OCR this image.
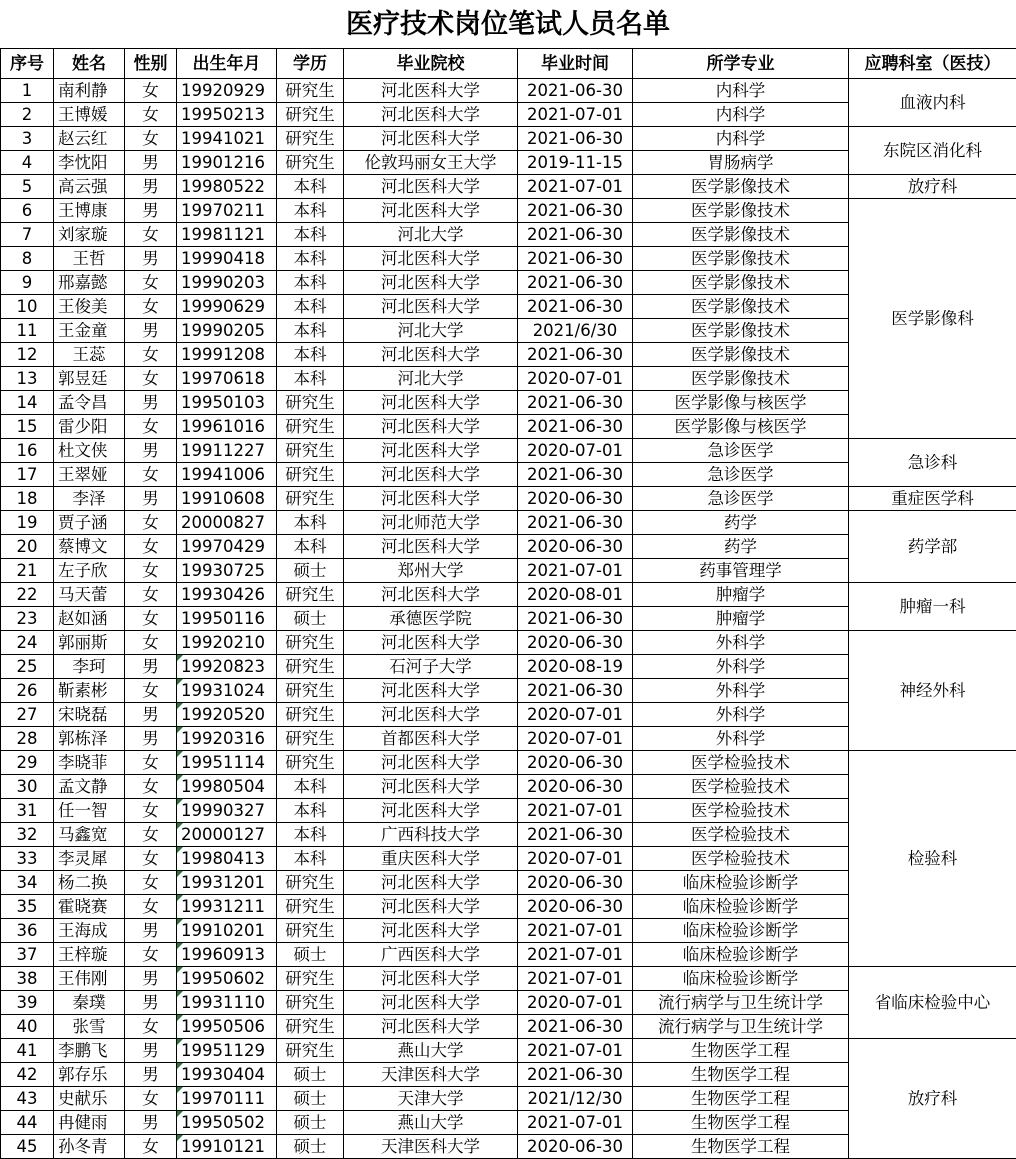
医疗技术岗位笔试人员名单
序号	姓名	性别	出生年月	学历	毕业院校	毕业时间	所学专业	应聘科室（医技）
1	南利静	女	19920929	研究生	河北医科大学	2021-06-30	内科学	血液内科
2	王博媛	女	19950213	研究生	河北医科大学	2021-07-01	内科学	
3	赵云红	女	19941021	研究生	河北医科大学	2021-06-30	内科学	东院区消化科
4	李忱阳	男	19901216	研究生	伦敦玛丽女王大学	2019-11-15	胃肠病学	
5	高云强	男	19980522	本科	河北医科大学	2021-07-01	医学影像技术	放疗科
6	王博康	男	19970211	本科	河北医科大学	2021-06-30	医学影像技术	医学影像科
7	刘家璇	女	19981121	本科	河北大学	2021-06-30	医学影像技术	
8	王哲	男	19990418	本科	河北医科大学	2021-06-30	医学影像技术	
9	邢嘉懿	女	19990203	本科	河北医科大学	2021-06-30	医学影像技术	
10	王俊美	女	19990629	本科	河北医科大学	2021-06-30	医学影像技术	
11	王金童	男	19990205	本科	河北大学	2021/6/30	医学影像技术	
12	王蕊	女	19991208	本科	河北医科大学	2021-06-30	医学影像技术	
13	郭昱廷	女	19970618	本科	河北大学	2020-07-01	医学影像技术	
14	孟令昌	男	19950103	研究生	河北医科大学	2021-06-30	医学影像与核医学	
15	雷少阳	女	19961016	研究生	河北医科大学	2021-06-30	医学影像与核医学	
16	杜文侠	男	19911227	研究生	河北医科大学	2020-07-01	急诊医学	急诊科
17	王翠娅	女	19941006	研究生	河北医科大学	2021-06-30	急诊医学	
18	李泽	男	19910608	研究生	河北医科大学	2020-06-30	急诊医学	重症医学科
19	贾子涵	女	20000827	本科	河北师范大学	2021-06-30	药学	药学部
20	蔡博文	女	19970429	本科	河北医科大学	2020-06-30	药学	
21	左子欣	女	19930725	硕士	郑州大学	2021-07-01	药事管理学	
22	马天蕾	女	19930426	研究生	河北医科大学	2020-08-01	肿瘤学	肿瘤一科
23	赵如涵	女	19950116	硕士	承德医学院	2021-06-30	肿瘤学	
24	郭丽斯	女	19920210	研究生	河北医科大学	2020-06-30	外科学	神经外科
25	李珂	男	19920823	研究生	石河子大学	2020-08-19	外科学	
26	靳素彬	女	19931024	研究生	河北医科大学	2021-06-30	外科学	
27	宋晓磊	男	19920520	研究生	河北医科大学	2020-07-01	外科学	
28	郭栋泽	男	19920316	研究生	首都医科大学	2020-07-01	外科学	
29	李晓菲	女	19951114	研究生	河北医科大学	2020-06-30	医学检验技术	检验科
30	孟文静	女	19980504	本科	河北医科大学	2020-06-30	医学检验技术	
31	任一智	女	19990327	本科	河北医科大学	2021-07-01	医学检验技术	
32	马鑫宽	女	20000127	本科	广西科技大学	2021-06-30	医学检验技术	
33	李灵犀	女	19980413	本科	重庆医科大学	2020-07-01	医学检验技术	
34	杨二换	女	19931201	研究生	河北医科大学	2020-06-30	临床检验诊断学	
35	霍晓赛	女	19931211	研究生	河北医科大学	2020-06-30	临床检验诊断学	
36	王海成	男	19910201	研究生	河北医科大学	2021-07-01	临床检验诊断学	
37	王梓璇	女	19960913	硕士	广西医科大学	2021-07-01	临床检验诊断学	
38	王伟刚	男	19950602	研究生	河北医科大学	2021-07-01	临床检验诊断学	省临床检验中心
39	秦璞	男	19931110	研究生	河北医科大学	2020-07-01	流行病学与卫生统计学	
40	张雪	女	19950506	研究生	河北医科大学	2021-06-30	流行病学与卫生统计学	
41	李鹏飞	男	19951129	研究生	燕山大学	2021-07-01	生物医学工程	放疗科
42	郭存乐	男	19930404	硕士	天津医科大学	2021-06-30	生物医学工程	
43	史献乐	女	19970111	硕士	天津大学	2021/12/30	生物医学工程	
44	冉健雨	男	19950502	硕士	燕山大学	2021-07-01	生物医学工程	
45	孙冬青	女	19910121	硕士	天津医科大学	2020-06-30	生物医学工程	
